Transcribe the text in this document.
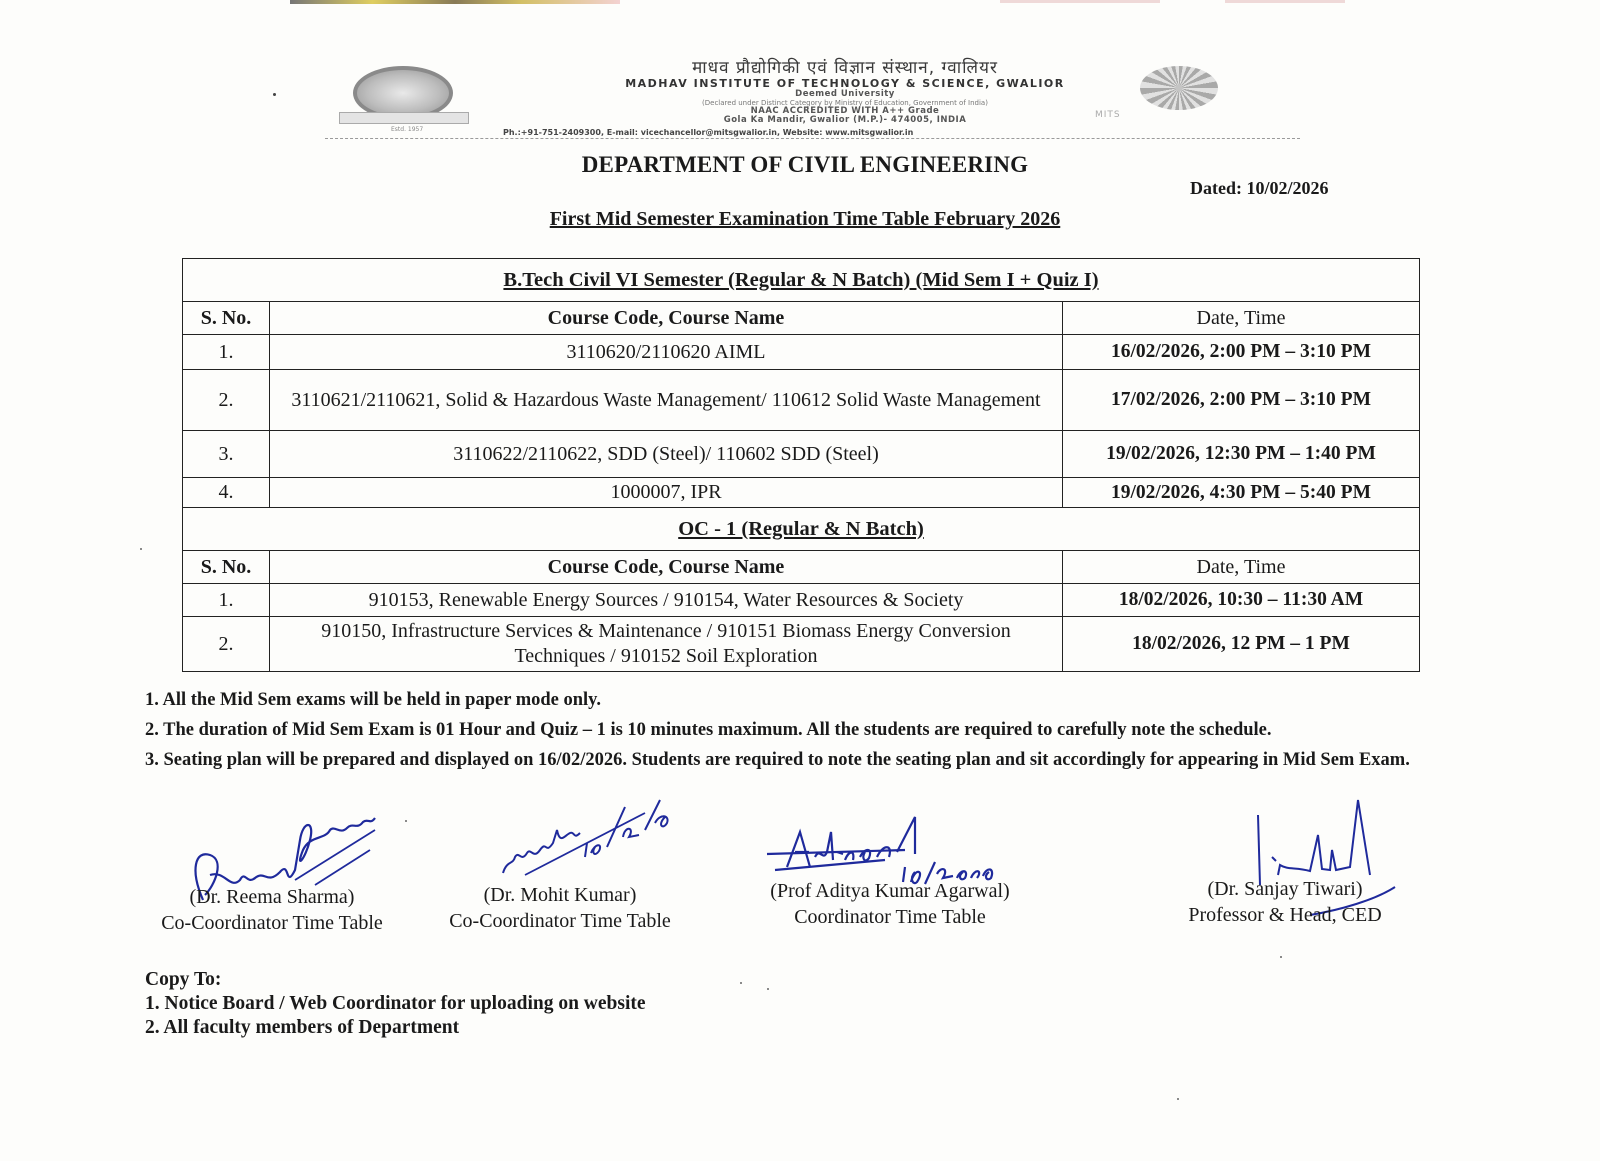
Estd. 1957
माधव प्रौद्योगिकी एवं विज्ञान संस्थान, ग्वालियर
MADHAV INSTITUTE OF TECHNOLOGY & SCIENCE, GWALIOR
Deemed University
(Declared under Distinct Category by Ministry of Education, Government of India)
NAAC ACCREDITED WITH A++ Grade
Gola Ka Mandir, Gwalior (M.P.)- 474005, INDIA
Ph.:+91-751-2409300, E-mail: vicechancellor@mitsgwalior.in, Website: www.mitsgwalior.in
MITS
DEPARTMENT OF CIVIL ENGINEERING
Dated: 10/02/2026
First Mid Semester Examination Time Table February 2026
B.Tech Civil VI Semester (Regular & N Batch) (Mid Sem I + Quiz I)		
S. No.	Course Code, Course Name	Date, Time
1.	3110620/2110620 AIML	16/02/2026, 2:00 PM – 3:10 PM
2.	3110621/2110621, Solid & Hazardous Waste Management/ 110612 Solid Waste Management	17/02/2026, 2:00 PM – 3:10 PM
3.	3110622/2110622, SDD (Steel)/ 110602 SDD (Steel)	19/02/2026, 12:30 PM – 1:40 PM
4.	1000007, IPR	19/02/2026, 4:30 PM – 5:40 PM
OC - 1 (Regular & N Batch)		
S. No.	Course Code, Course Name	Date, Time
1.	910153, Renewable Energy Sources / 910154, Water Resources & Society	18/02/2026, 10:30 – 11:30 AM
2.	910150, Infrastructure Services & Maintenance / 910151 Biomass Energy Conversion Techniques / 910152 Soil Exploration	18/02/2026, 12 PM – 1 PM
1. All the Mid Sem exams will be held in paper mode only.
2. The duration of Mid Sem Exam is 01 Hour and Quiz – 1 is 10 minutes maximum. All the students are required to carefully note the schedule.
3. Seating plan will be prepared and displayed on 16/02/2026. Students are required to note the seating plan and sit accordingly for appearing in Mid Sem Exam.
(Dr. Reema Sharma)
Co-Coordinator Time Table
(Dr. Mohit Kumar)
Co-Coordinator Time Table
(Prof Aditya Kumar Agarwal)
Coordinator Time Table
(Dr. Sanjay Tiwari)
Professor & Head, CED
Copy To:
1. Notice Board / Web Coordinator for uploading on website
2. All faculty members of Department
